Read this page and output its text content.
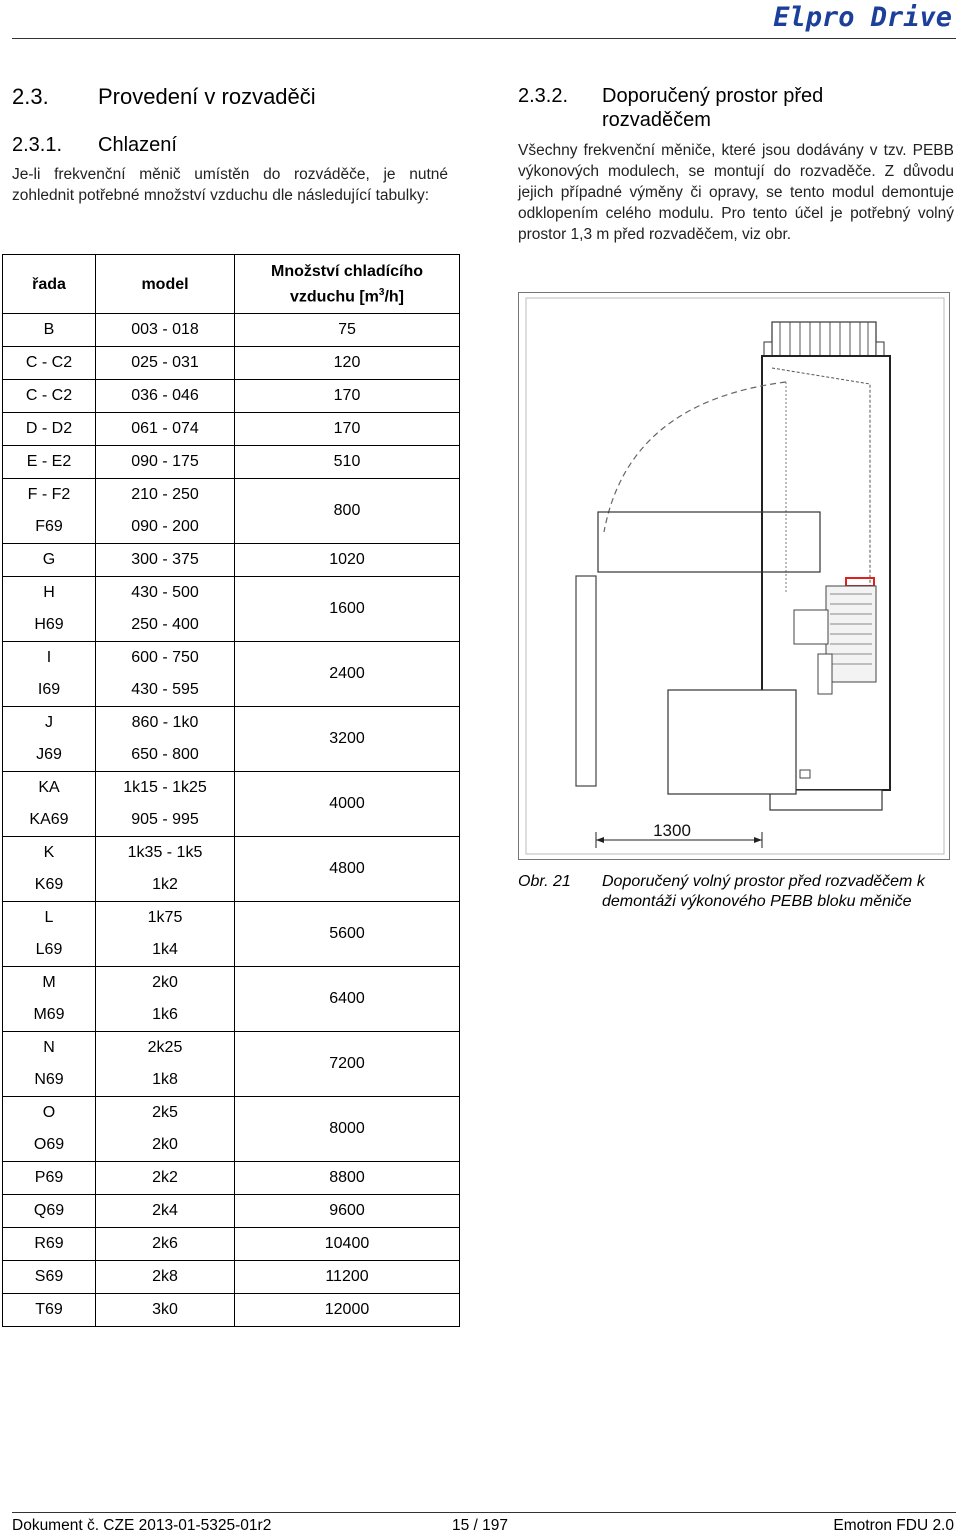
Elpro Drive
2.3. Provedení v rozvaděči
2.3.1. Chlazení
Je-li frekvenční měnič umístěn do rozváděče, je nutné zohlednit potřebné množství vzduchu dle následující tabulky:
řada	model	Množství chladícího
vzduchu $[m^3/h]$
B	003 - 018	75
C - C2	025 - 031	120
C - C2	036 - 046	170
D - D2	061 - 074	170
E - E2	090 - 175	510
F - F2	210 - 250	800
F69	090 - 200	
G	300 - 375	1020
H	430 - 500	1600
H69	250 - 400	
I	600 - 750	2400
I69	430 - 595	
J	860 - 1k0	3200
J69	650 - 800	
KA	1k15 - 1k25	4000
KA69	905 - 995	
K	1k35 - 1k5	4800
K69	1k2	
L	1k75	5600
L69	1k4	
M	2k0	6400
M69	1k6	
N	2k25	7200
N69	1k8	
O	2k5	8000
O69	2k0	
P69	2k2	8800
Q69	2k4	9600
R69	2k6	10400
S69	2k8	11200
T69	3k0	12000
2.3.2. Doporučený prostor před rozvaděčem
Všechny frekvenční měniče, které jsou dodávány v tzv. PEBB výkonových modulech, se montují do rozvaděče. Z důvodu jejich případné výměny či opravy, se tento modul demontuje odklopením celého modulu. Pro tento účel je potřebný volný prostor 1,3 m před rozvaděčem, viz obr.
1300
Obr. 21 Doporučený volný prostor před rozvaděčem k demontáži výkonového PEBB bloku měniče
Dokument č. CZE 2013-01-5325-01r2	15 / 197	Emotron FDU 2.0
